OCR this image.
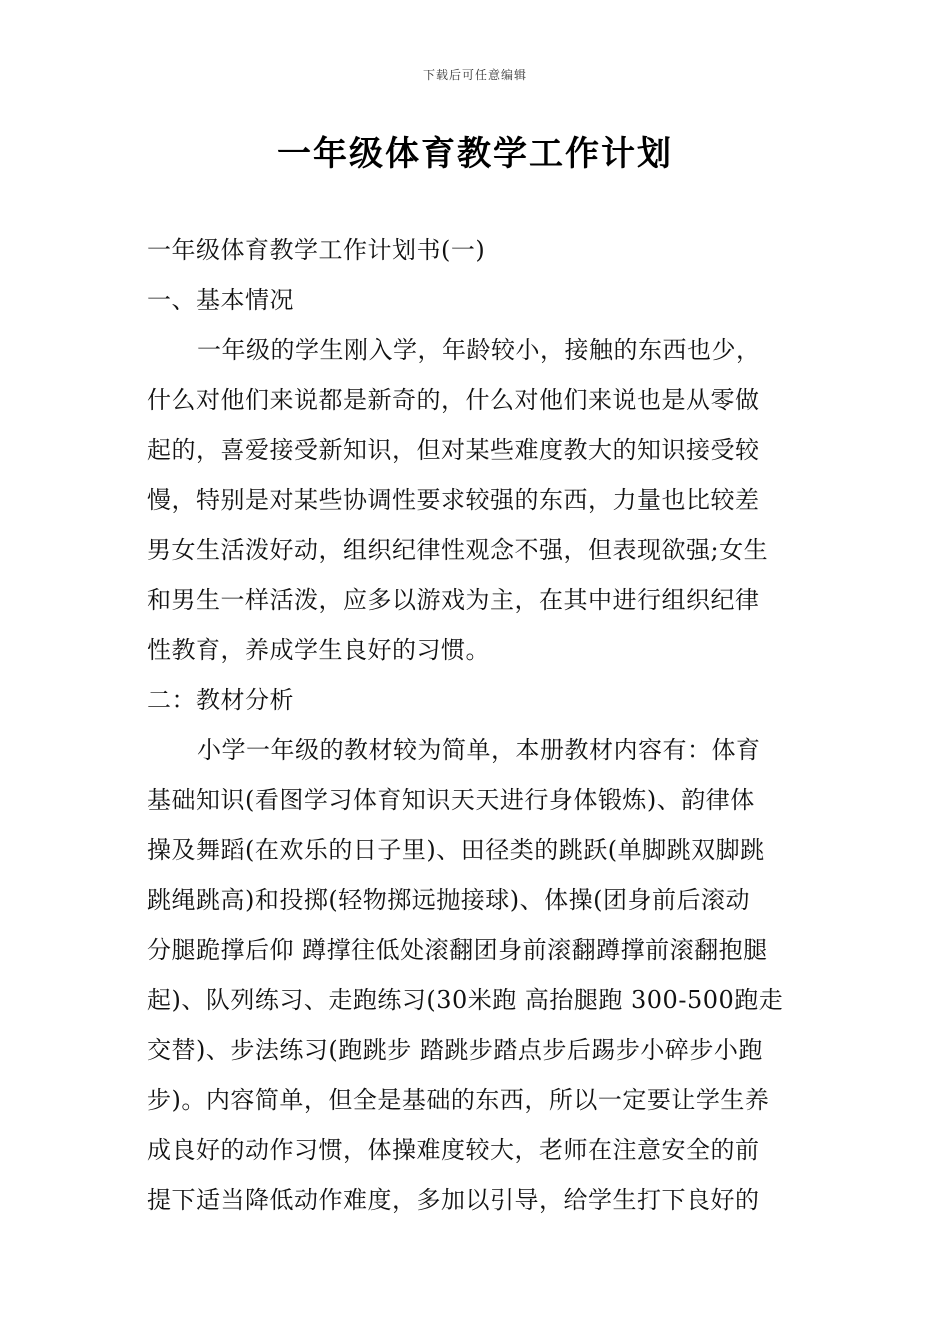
下载后可任意编辑
一年级体育教学工作计划

一年级体育教学工作计划书(一)

一、基本情况

一年级的学生刚入学，年龄较小，接触的东西也少，
什么对他们来说都是新奇的，什么对他们来说也是从零做
起的，喜爱接受新知识，但对某些难度教大的知识接受较
慢，特别是对某些协调性要求较强的东西，力量也比较差
男女生活泼好动，组织纪律性观念不强，但表现欲强;女生
和男生一样活泼，应多以游戏为主，在其中进行组织纪律
性教育，养成学生良好的习惯。

二：教材分析

小学一年级的教材较为简单，本册教材内容有：体育
基础知识(看图学习体育知识天天进行身体锻炼)、韵律体
操及舞蹈(在欢乐的日子里)、田径类的跳跃(单脚跳双脚跳
跳绳跳高)和投掷(轻物掷远抛接球)、体操(团身前后滚动
分腿跪撑后仰 蹲撑往低处滚翻团身前滚翻蹲撑前滚翻抱腿
起)、队列练习、走跑练习(30米跑 高抬腿跑 300-500跑走
交替)、步法练习(跑跳步 踏跳步踏点步后踢步小碎步小跑
步)。内容简单，但全是基础的东西，所以一定要让学生养
成良好的动作习惯，体操难度较大，老师在注意安全的前
提下适当降低动作难度，多加以引导，给学生打下良好的
